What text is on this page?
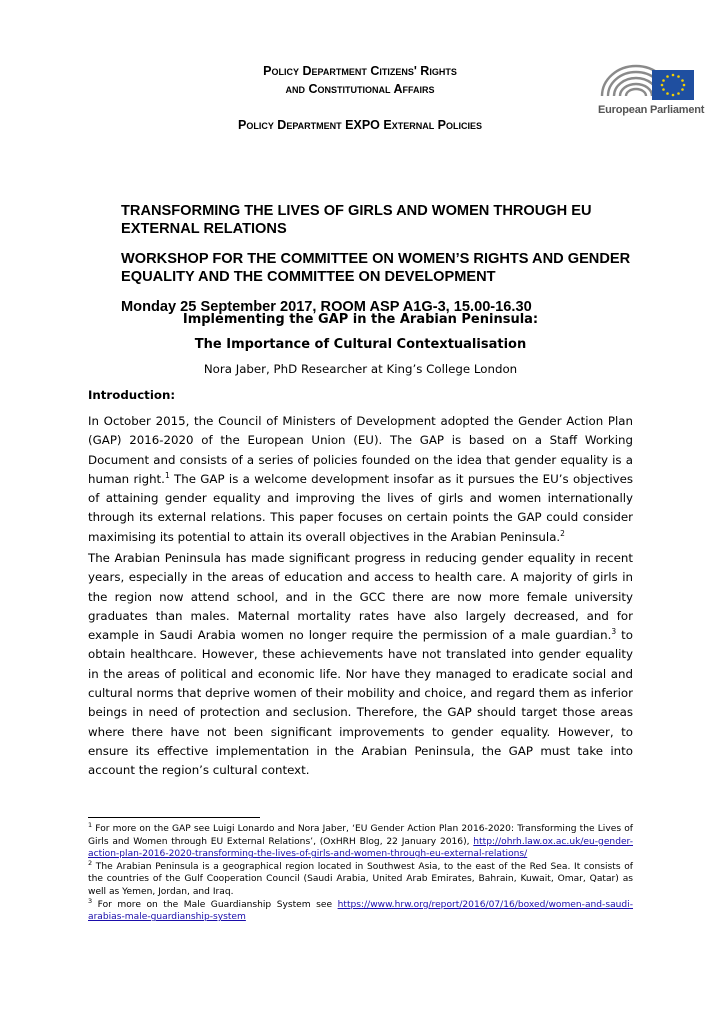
Policy Department Citizens' Rights
and Constitutional Affairs
Policy Department EXPO External Policies
European Parliament

TRANSFORMING THE LIVES OF GIRLS AND WOMEN THROUGH EU EXTERNAL RELATIONS

WORKSHOP FOR THE COMMITTEE ON WOMEN’S RIGHTS AND GENDER EQUALITY AND THE COMMITTEE ON DEVELOPMENT

Monday 25 September 2017, ROOM ASP A1G-3, 15.00-16.30

Implementing the GAP in the Arabian Peninsula:
The Importance of Cultural Contextualisation
Nora Jaber, PhD Researcher at King’s College London
Introduction:

In October 2015, the Council of Ministers of Development adopted the Gender Action Plan (GAP) 2016-2020 of the European Union (EU). The GAP is based on a Staff Working Document and consists of a series of policies founded on the idea that gender equality is a human right.$^1$ The GAP is a welcome development insofar as it pursues the EU’s objectives of attaining gender equality and improving the lives of girls and women internationally through its external relations. This paper focuses on certain points the GAP could consider maximising its potential to attain its overall objectives in the Arabian Peninsula.$^2$

The Arabian Peninsula has made significant progress in reducing gender equality in recent years, especially in the areas of education and access to health care. A majority of girls in the region now attend school, and in the GCC there are now more female university graduates than males. Maternal mortality rates have also largely decreased, and for example in Saudi Arabia women no longer require the permission of a male guardian.$^3$ to obtain healthcare. However, these achievements have not translated into gender equality in the areas of political and economic life. Nor have they managed to eradicate social and cultural norms that deprive women of their mobility and choice, and regard them as inferior beings in need of protection and seclusion. Therefore, the GAP should target those areas where there have not been significant improvements to gender equality. However, to ensure its effective implementation in the Arabian Peninsula, the GAP must take into account the region’s cultural context.

$^1$ For more on the GAP see Luigi Lonardo and Nora Jaber, ‘EU Gender Action Plan 2016-2020: Transforming the Lives of Girls and Women through EU External Relations’, (OxHRH Blog, 22 January 2016), http://ohrh.law.ox.ac.uk/eu-gender-action-plan-2016-2020-transforming-the-lives-of-girls-and-women-through-eu-external-relations/

$^2$ The Arabian Peninsula is a geographical region located in Southwest Asia, to the east of the Red Sea. It consists of the countries of the Gulf Cooperation Council (Saudi Arabia, United Arab Emirates, Bahrain, Kuwait, Omar, Qatar) as well as Yemen, Jordan, and Iraq.

$^3$ For more on the Male Guardianship System see https://www.hrw.org/report/2016/07/16/boxed/women-and-saudi-arabias-male-guardianship-system
